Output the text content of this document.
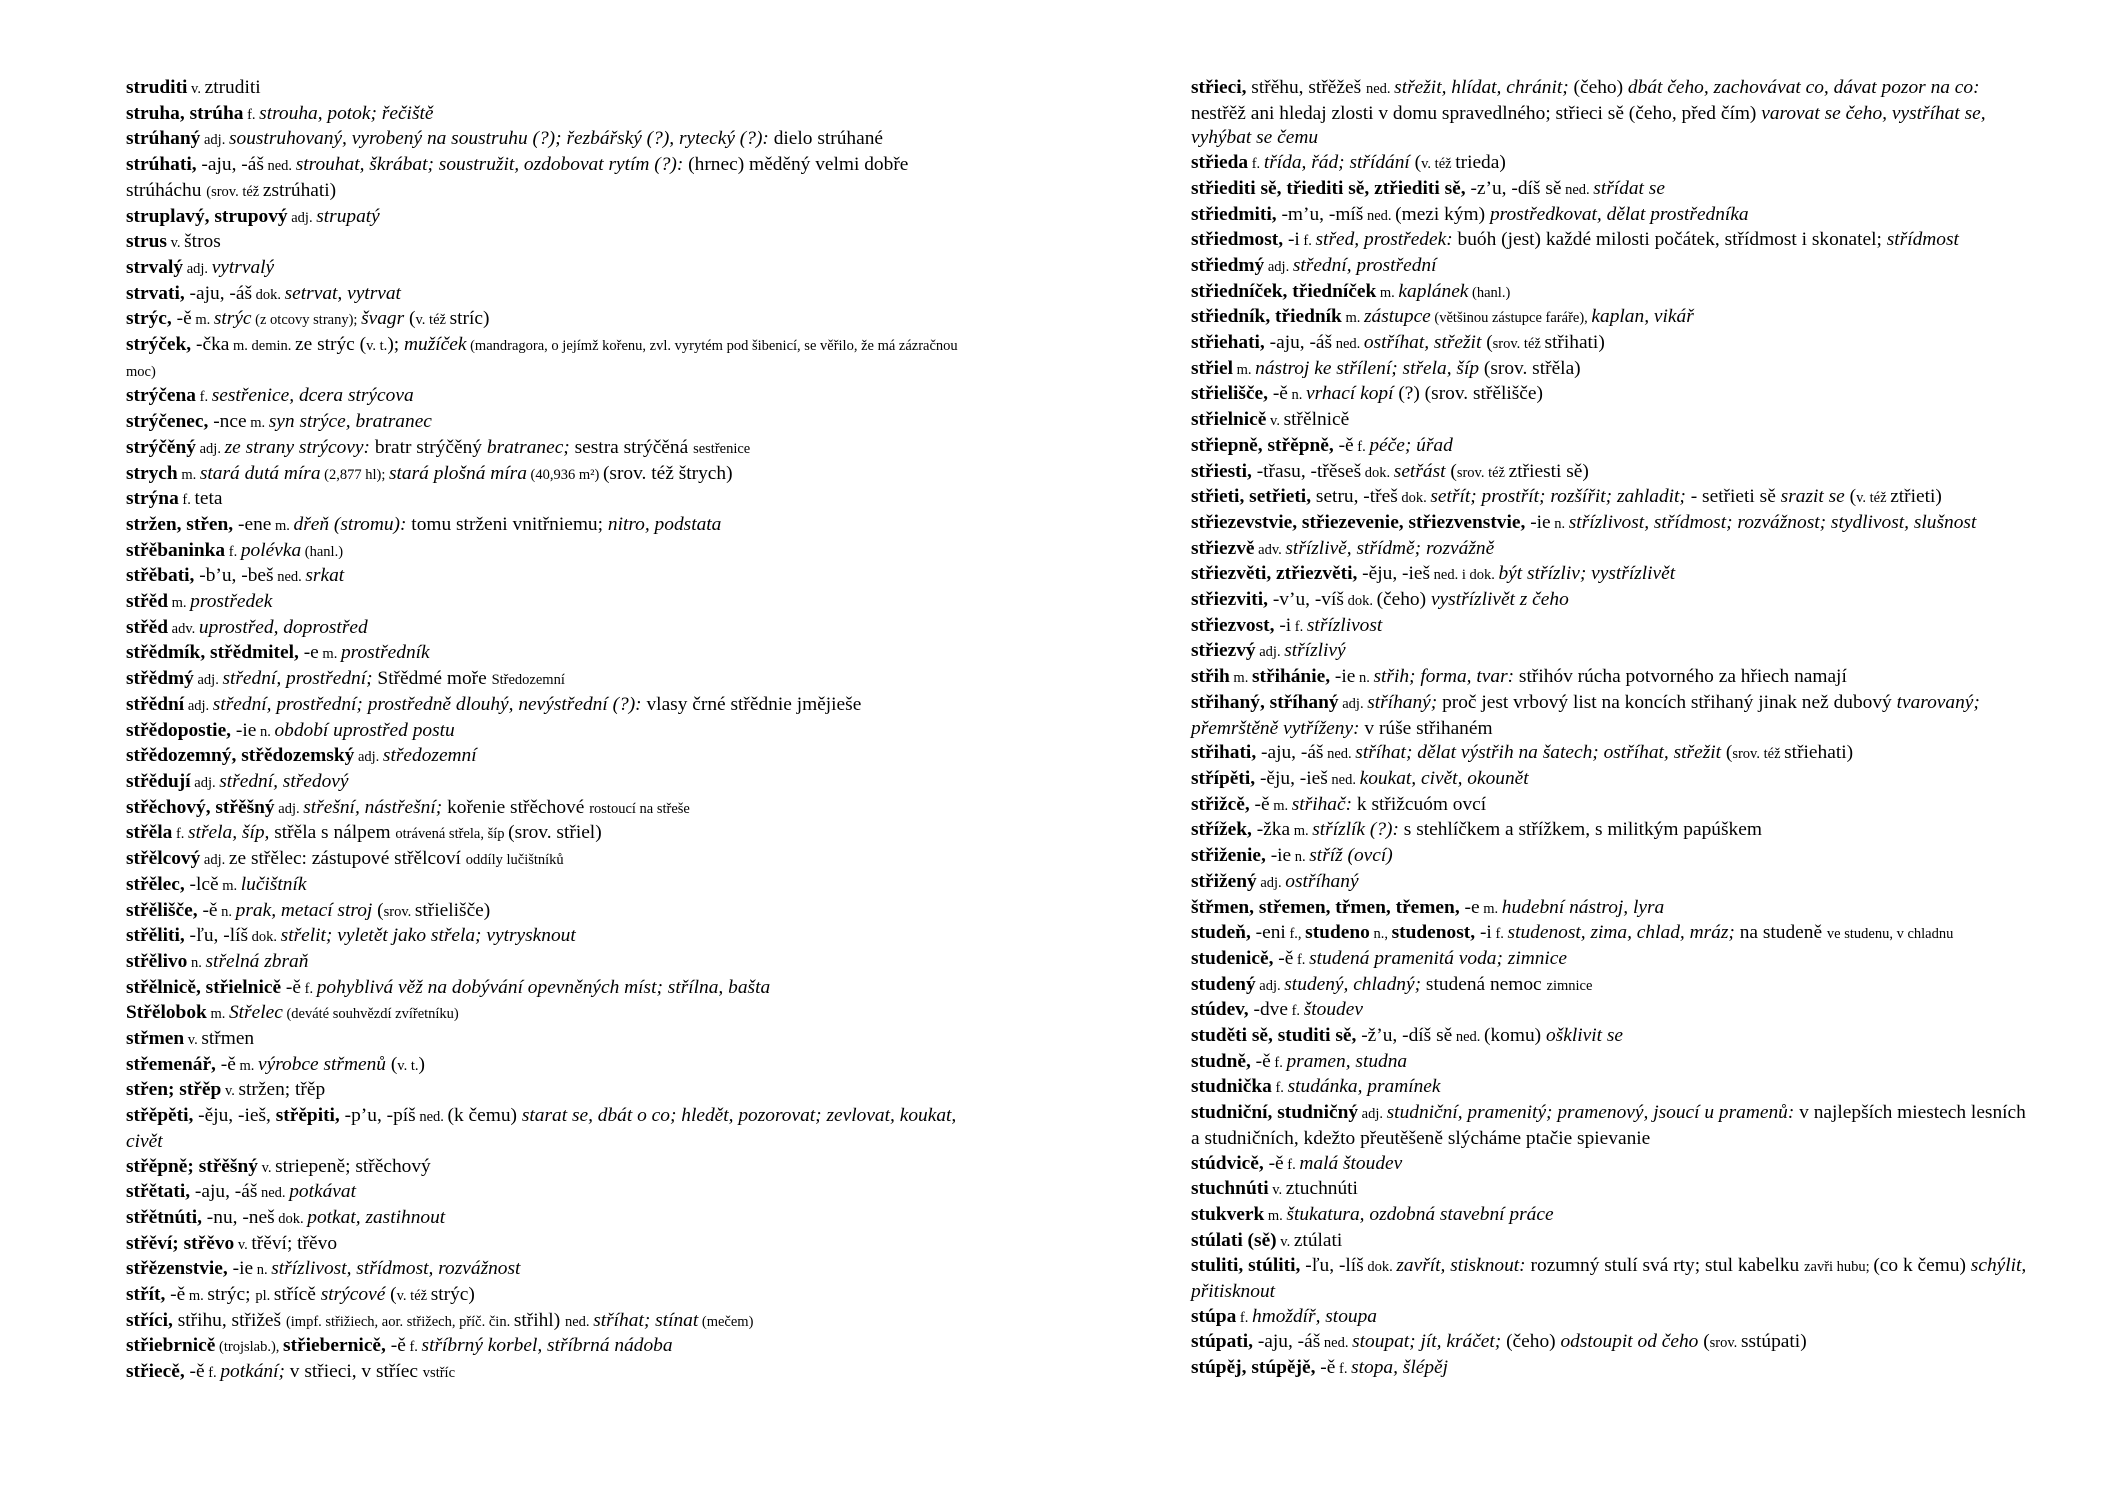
struditi v. ztruditi

struha, strúha f. strouha, potok; řečiště

strúhaný adj. soustruhovaný, vyrobený na soustruhu (?); řezbářský (?), rytecký (?): dielo strúhané

strúhati, -aju, -áš ned. strouhat, škrábat; soustružit, ozdobovat rytím (?): (hrnec) měděný velmi dobře strúháchu (srov. též zstrúhati)

struplavý, strupový adj. strupatý

strus v. štros

strvalý adj. vytrvalý

strvati, -aju, -áš dok. setrvat, vytrvat

strýc, -ě m. strýc (z otcovy strany); švagr (v. též stríc)

strýček, -čka m. demin. ze strýc (v. t.); mužíček (mandragora, o jejímž kořenu, zvl. vyrytém pod šibenicí, se věřilo, že má zázračnou moc)

strýčena f. sestřenice, dcera strýcova

strýčenec, -nce m. syn strýce, bratranec

strýčěný adj. ze strany strýcovy: bratr strýčěný bratranec; sestra strýčěná sestřenice

strych m. stará dutá míra (2,877 hl); stará plošná míra (40,936 m²) (srov. též štrych)

strýna f. teta

stržen, střen, -ene m. dřeň (stromu): tomu strženi vnitřniemu; nitro, podstata

střěbaninka f. polévka (hanl.)

střěbati, -b’u, -beš ned. srkat

střěd m. prostředek

střěd adv. uprostřed, doprostřed

střědmík, střědmitel, -e m. prostředník

střědmý adj. střední, prostřední; Střědmé moře Středozemní

střědní adj. střední, prostřední; prostředně dlouhý, nevýstřední (?): vlasy črné střědnie jmějieše

střědopostie, -ie n. období uprostřed postu

střědozemný, střědozemský adj. středozemní

střědují adj. střední, středový

střěchový, střěšný adj. střešní, nástřešní; kořenie střěchové rostoucí na střeše

střěla f. střela, šíp, střěla s nálpem otrávená střela, šíp (srov. střiel)

střělcový adj. ze střělec: zástupové střělcoví oddíly lučištníků

střělec, -lcě m. lučištník

střělišče, -ě n. prak, metací stroj (srov. střielišče)

střěliti, -ľu, -líš dok. střelit; vyletět jako střela; vytrysknout

střělivo n. střelná zbraň

střělnicě, střielnicě -ě f. pohyblivá věž na dobývání opevněných míst; střílna, bašta

Střělobok m. Střelec (deváté souhvězdí zvířetníku)

střmen v. střmen

střemenář, -ě m. výrobce střmenů (v. t.)

střen; střěp v. stržen; třěp

střěpěti, -ěju, -ieš, střěpiti, -p’u, -píš ned. (k čemu) starat se, dbát o co; hledět, pozorovat; zevlovat, koukat, civět

střěpně; střěšný v. striepeně; střěchový

střětati, -aju, -áš ned. potkávat

střětnúti, -nu, -neš dok. potkat, zastihnout

střěví; střěvo v. třěví; třěvo

střězenstvie, -ie n. střízlivost, střídmost, rozvážnost

střít, -ě m. strýc; pl. střícě strýcové (v. též strýc)

stříci, střihu, střižeš (impf. střižiech, aor. střižech, příč. čin. střihl) ned. stříhat; stínat (mečem)

střiebrnicě (trojslab.), střiebernicě, -ě f. stříbrný korbel, stříbrná nádoba

střiecě, -ě f. potkání; v střieci, v stříec vstříc

střieci, střěhu, střěžeš ned. střežit, hlídat, chránit; (čeho) dbát čeho, zachovávat co, dávat pozor na co: nestřěž ani hledaj zlosti v domu spravedlného; střieci sě (čeho, před čím) varovat se čeho, vystříhat se, vyhýbat se čemu

střieda f. třída, řád; střídání (v. též trieda)

střiediti sě, třiediti sě, ztřiediti sě, -z’u, -díš sě ned. střídat se

střiedmiti, -m’u, -míš ned. (mezi kým) prostředkovat, dělat prostředníka

střiedmost, -i f. střed, prostředek: buóh (jest) každé milosti počátek, střídmost i skonatel; střídmost

střiedmý adj. střední, prostřední

střiedníček, třiedníček m. kaplánek (hanl.)

střiedník, třiedník m. zástupce (většinou zástupce faráře), kaplan, vikář

střiehati, -aju, -áš ned. ostříhat, střežit (srov. též střihati)

střiel m. nástroj ke střílení; střela, šíp (srov. střěla)

střielišče, -ě n. vrhací kopí (?) (srov. střělišče)

střielnicě v. střělnicě

střiepně, střěpně, -ě f. péče; úřad

střiesti, -třasu, -třěseš dok. setřást (srov. též ztřiesti sě)

střieti, setřieti, setru, -třeš dok. setřít; prostřít; rozšířit; zahladit; - setřieti sě srazit se (v. též ztřieti)

střiezevstvie, střiezevenie, střiezvenstvie, -ie n. střízlivost, střídmost; rozvážnost; stydlivost, slušnost

střiezvě adv. střízlivě, střídmě; rozvážně

střiezvěti, ztřiezvěti, -ěju, -ieš ned. i dok. být střízliv; vystřízlivět

střiezviti, -v’u, -víš dok. (čeho) vystřízlivět z čeho

střiezvost, -i f. střízlivost

střiezvý adj. střízlivý

střih m. střihánie, -ie n. střih; forma, tvar: střihóv rúcha potvorného za hřiech namají

střihaný, stříhaný adj. stříhaný; proč jest vrbový list na koncích střihaný jinak než dubový tvarovaný; přemrštěně vytříženy: v rúše střihaném

střihati, -aju, -áš ned. stříhat; dělat výstřih na šatech; ostříhat, střežit (srov. též střiehati)

střípěti, -ěju, -ieš ned. koukat, civět, okounět

střižcě, -ě m. střihač: k střižcuóm ovcí

střížek, -žka m. střízlík (?): s stehlíčkem a střížkem, s militkým papúškem

střiženie, -ie n. stříž (ovcí)

střižený adj. ostříhaný

štřmen, střemen, třmen, třemen, -e m. hudební nástroj, lyra

studeň, -eni f., studeno n., studenost, -i f. studenost, zima, chlad, mráz; na studeně ve studenu, v chladnu

studenicě, -ě f. studená pramenitá voda; zimnice

studený adj. studený, chladný; studená nemoc zimnice

stúdev, -dve f. štoudev

studěti sě, studiti sě, -ž’u, -díš sě ned. (komu) ošklivit se

studně, -ě f. pramen, studna

studnička f. studánka, pramínek

studniční, studničný adj. studniční, pramenitý; pramenový, jsoucí u pramenů: v najlepších miestech lesních a studničních, kdežto přeutěšeně slýcháme ptačie spievanie

stúdvicě, -ě f. malá štoudev

stuchnúti v. ztuchnúti

stukverk m. štukatura, ozdobná stavební práce

stúlati (sě) v. ztúlati

stuliti, stúliti, -ľu, -líš dok. zavřít, stisknout: rozumný stulí svá rty; stul kabelku zavři hubu; (co k čemu) schýlit, přitisknout

stúpa f. hmoždíř, stoupa

stúpati, -aju, -áš ned. stoupat; jít, kráčet; (čeho) odstoupit od čeho (srov. sstúpati)

stúpěj, stúpějě, -ě f. stopa, šlépěj
